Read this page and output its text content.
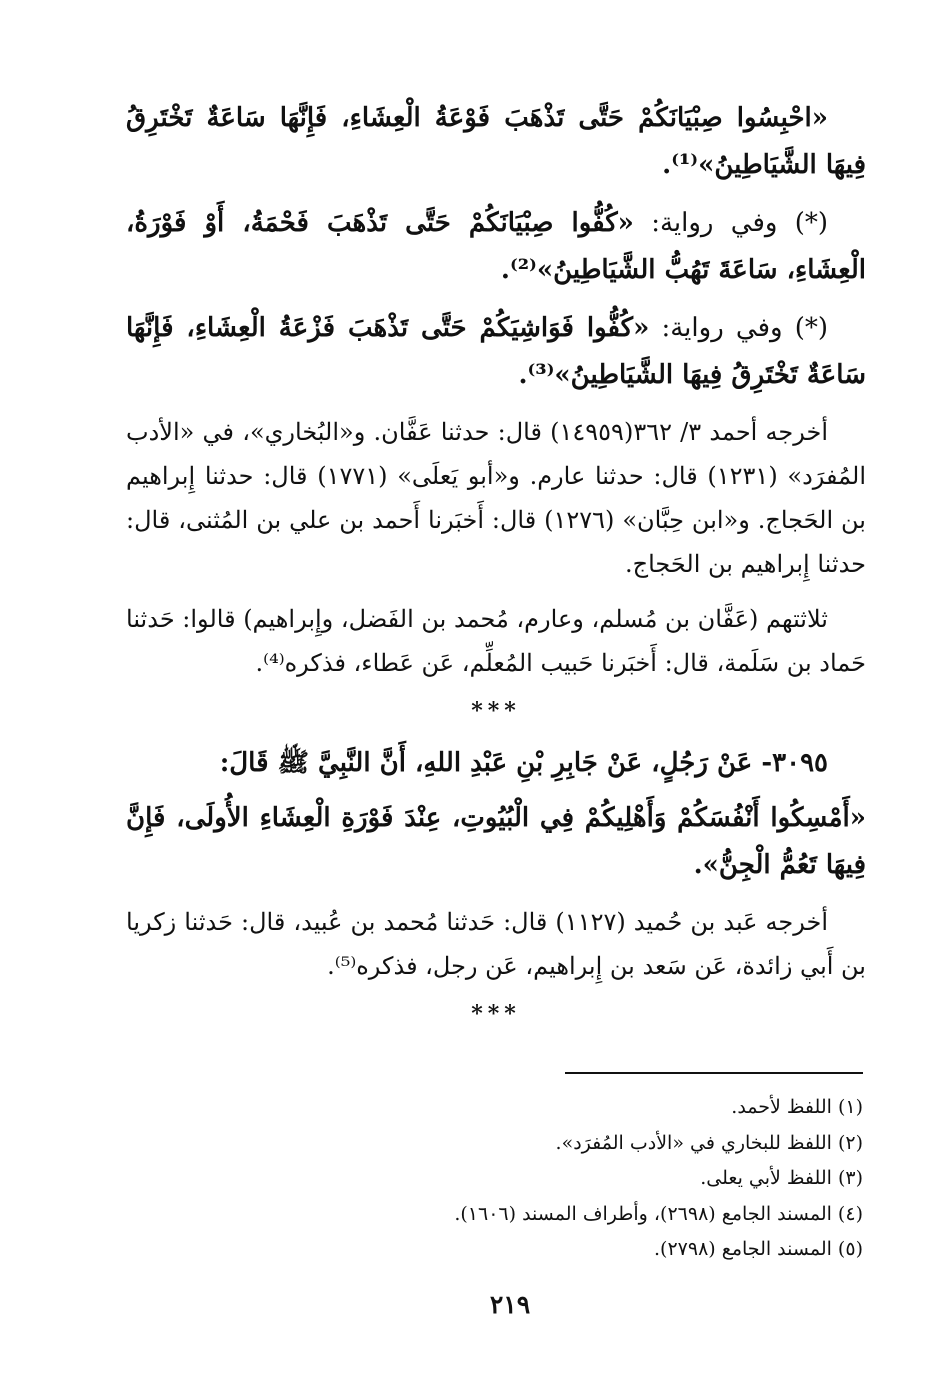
«احْبِسُوا صِبْيَانَكُمْ حَتَّى تَذْهَبَ فَوْعَةُ الْعِشَاءِ، فَإِنَّهَا سَاعَةٌ تَخْتَرِقُ فِيهَا الشَّيَاطِينُ»⁽¹⁾.

(*) وفي رواية: «كُفُّوا صِبْيَانَكُمْ حَتَّى تَذْهَبَ فَحْمَةُ، أَوْ فَوْرَةُ، الْعِشَاءِ، سَاعَةَ تَهُبُّ الشَّيَاطِينُ»⁽²⁾.

(*) وفي رواية: «كُفُّوا فَوَاشِيَكُمْ حَتَّى تَذْهَبَ فَزْعَةُ الْعِشَاءِ، فَإِنَّهَا سَاعَةٌ تَخْتَرِقُ فِيهَا الشَّيَاطِينُ»⁽³⁾.

أخرجه أحمد ٣/ ٣٦٢(١٤٩٥٩) قال: حدثنا عَفَّان. و«البُخاري»، في «الأدب المُفرَد» (١٢٣١) قال: حدثنا عارم. و«أبو يَعلَى» (١٧٧١) قال: حدثنا إِبراهيم بن الحَجاج. و«ابن حِبَّان» (١٢٧٦) قال: أَخبَرنا أَحمد بن علي بن المُثنى، قال: حدثنا إِبراهيم بن الحَجاج.

ثلاثتهم (عَفَّان بن مُسلم، وعارم، مُحمد بن الفَضل، وإِبراهيم) قالوا: حَدثنا حَماد بن سَلَمة، قال: أَخبَرنا حَبيب المُعلِّم، عَن عَطاء، فذكره⁽⁴⁾.

***

٣٠٩٥- عَنْ رَجُلٍ، عَنْ جَابِرِ بْنِ عَبْدِ اللهِ، أَنَّ النَّبِيَّ ﷺ قَالَ:

«أَمْسِكُوا أَنْفُسَكُمْ وَأَهْلِيكُمْ فِي الْبُيُوتِ، عِنْدَ فَوْرَةِ الْعِشَاءِ الأُولَى، فَإِنَّ فِيهَا تَعُمُّ الْجِنُّ».

أخرجه عَبد بن حُميد (١١٢٧) قال: حَدثنا مُحمد بن عُبيد، قال: حَدثنا زكريا بن أَبي زائدة، عَن سَعد بن إِبراهيم، عَن رجل، فذكره⁽⁵⁾.

***
(١) اللفظ لأحمد.
(٢) اللفظ للبخاري في «الأدب المُفرَد».
(٣) اللفظ لأبي يعلى.
(٤) المسند الجامع (٢٦٩٨)، وأطراف المسند (١٦٠٦).
(٥) المسند الجامع (٢٧٩٨).
٢١٩
